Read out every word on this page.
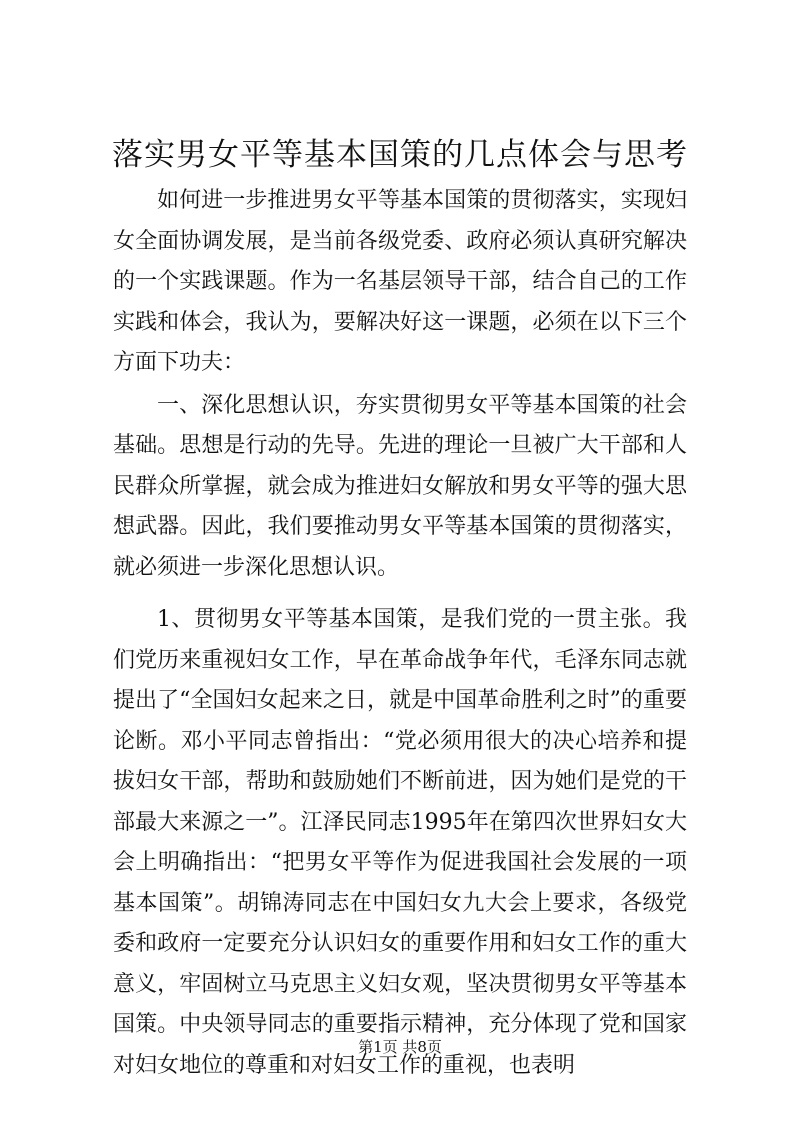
落实男女平等基本国策的几点体会与思考

如何进一步推进男女平等基本国策的贯彻落实，实现妇女全面协调发展，是当前各级党委、政府必须认真研究解决的一个实践课题。作为一名基层领导干部，结合自己的工作实践和体会，我认为，要解决好这一课题，必须在以下三个方面下功夫：

一、深化思想认识，夯实贯彻男女平等基本国策的社会基础。思想是行动的先导。先进的理论一旦被广大干部和人民群众所掌握，就会成为推进妇女解放和男女平等的强大思想武器。因此，我们要推动男女平等基本国策的贯彻落实，就必须进一步深化思想认识。

1、贯彻男女平等基本国策，是我们党的一贯主张。我们党历来重视妇女工作，早在革命战争年代，毛泽东同志就提出了“全国妇女起来之日，就是中国革命胜利之时”的重要论断。邓小平同志曾指出：“党必须用很大的决心培养和提拔妇女干部，帮助和鼓励她们不断前进，因为她们是党的干部最大来源之一”。江泽民同志1995年在第四次世界妇女大会上明确指出：“把男女平等作为促进我国社会发展的一项基本国策”。胡锦涛同志在中国妇女九大会上要求，各级党委和政府一定要充分认识妇女的重要作用和妇女工作的重大意义，牢固树立马克思主义妇女观，坚决贯彻男女平等基本国策。中央领导同志的重要指示精神，充分体现了党和国家对妇女地位的尊重和对妇女工作的重视，也表明

第1页 共8页
